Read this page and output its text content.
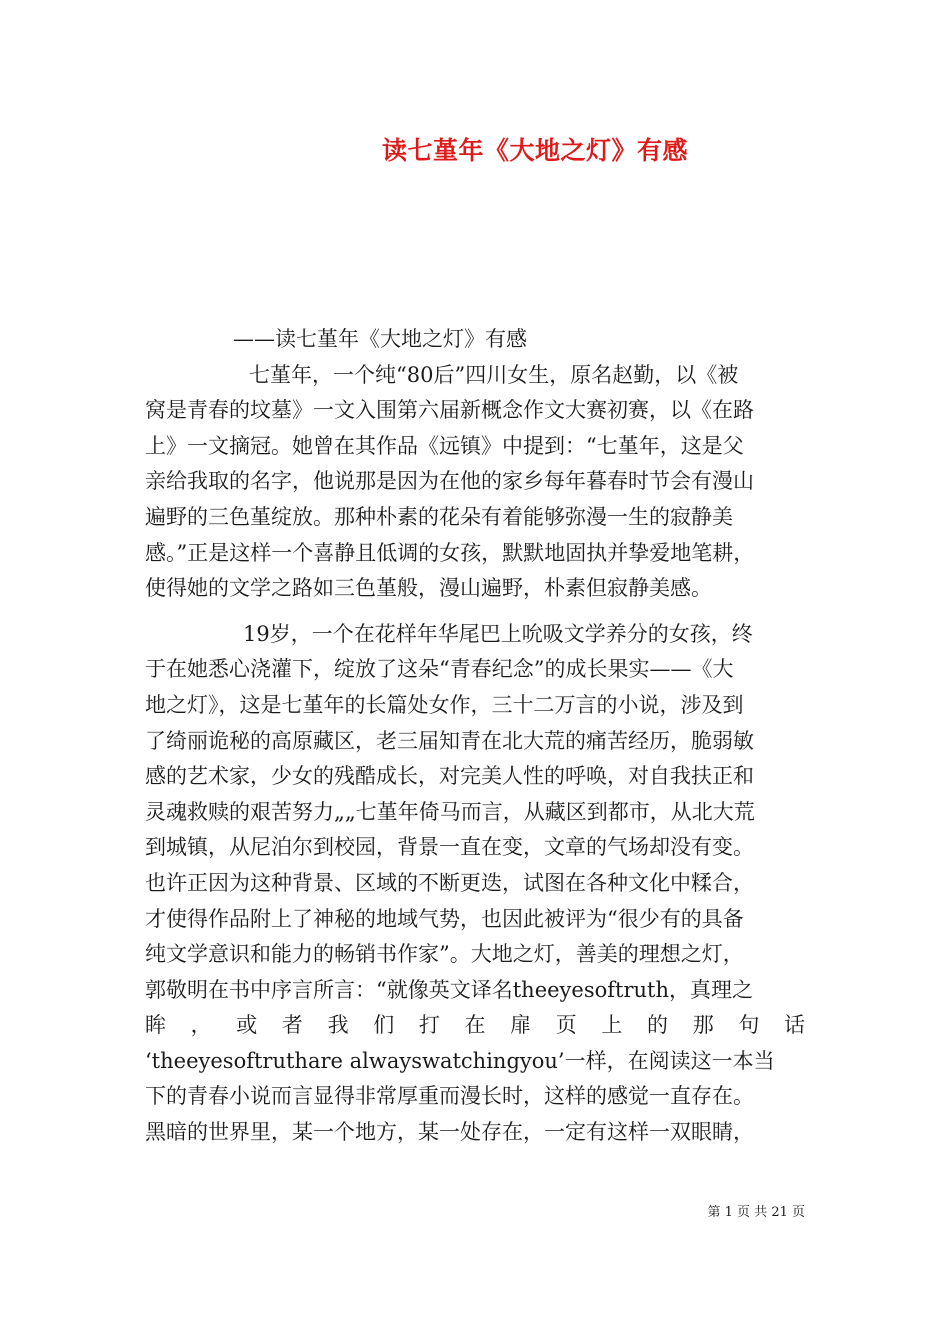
读七堇年《大地之灯》有感
——读七堇年《大地之灯》有感
七堇年，一个纯“80后”四川女生，原名赵勤，以《被
窝是青春的坟墓》一文入围第六届新概念作文大赛初赛，以《在路
上》一文摘冠。她曾在其作品《远镇》中提到：“七堇年，这是父
亲给我取的名字，他说那是因为在他的家乡每年暮春时节会有漫山
遍野的三色堇绽放。那种朴素的花朵有着能够弥漫一生的寂静美
感。”正是这样一个喜静且低调的女孩，默默地固执并挚爱地笔耕，
使得她的文学之路如三色堇般，漫山遍野，朴素但寂静美感。
19岁，一个在花样年华尾巴上吮吸文学养分的女孩，终
于在她悉心浇灌下，绽放了这朵“青春纪念”的成长果实——《大
地之灯》，这是七堇年的长篇处女作，三十二万言的小说，涉及到
了绮丽诡秘的高原藏区，老三届知青在北大荒的痛苦经历，脆弱敏
感的艺术家，少女的残酷成长，对完美人性的呼唤，对自我扶正和
灵魂救赎的艰苦努力„„七堇年倚马而言，从藏区到都市，从北大荒
到城镇，从尼泊尔到校园，背景一直在变，文章的气场却没有变。
也许正因为这种背景、区域的不断更迭，试图在各种文化中糅合，
才使得作品附上了神秘的地域气势，也因此被评为“很少有的具备
纯文学意识和能力的畅销书作家”。大地之灯，善美的理想之灯，
郭敬明在书中序言所言：“就像英文译名theeyesoftruth，真理之
眸 ， 或 者 我 们 打 在 扉 页 上 的 那 句 话
‘theeyesoftruthare alwayswatchingyou’一样，在阅读这一本当
下的青春小说而言显得非常厚重而漫长时，这样的感觉一直存在。
黑暗的世界里，某一个地方，某一处存在，一定有这样一双眼睛，
第 1 页 共 21 页
